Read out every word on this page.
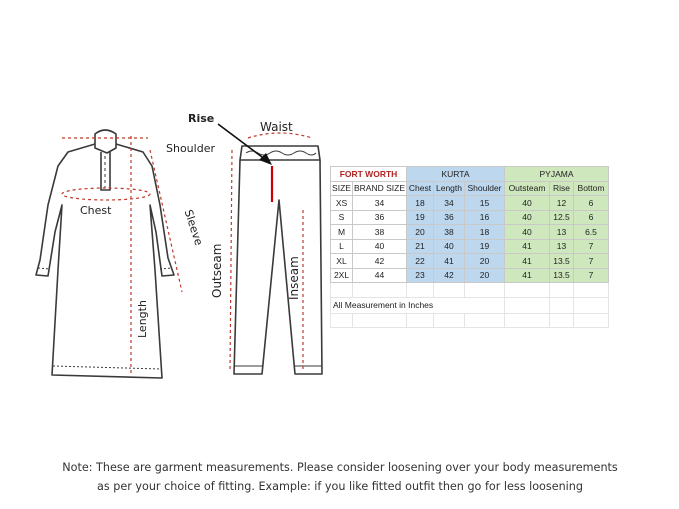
Shoulder
Chest	Sleeve
Length
Rise
Waist
Outseam	Inseam
FORT WORTH		KURTA			PYJAMA		
SIZE	BRAND SIZE	Chest	Length	Shoulder	Outsteam	Rise	Bottom
XS	34	18	34	15	40	12	6
S	36	19	36	16	40	12.5	6
M	38	20	38	18	40	13	6.5
L	40	21	40	19	41	13	7
XL	42	22	41	20	41	13.5	7
2XL	44	23	42	20	41	13.5	7

All Measurement in Inches							

Note: These are garment measurements. Please consider loosening over your body measurements
as per your choice of fitting. Example: if you like fitted outfit then go for less loosening
